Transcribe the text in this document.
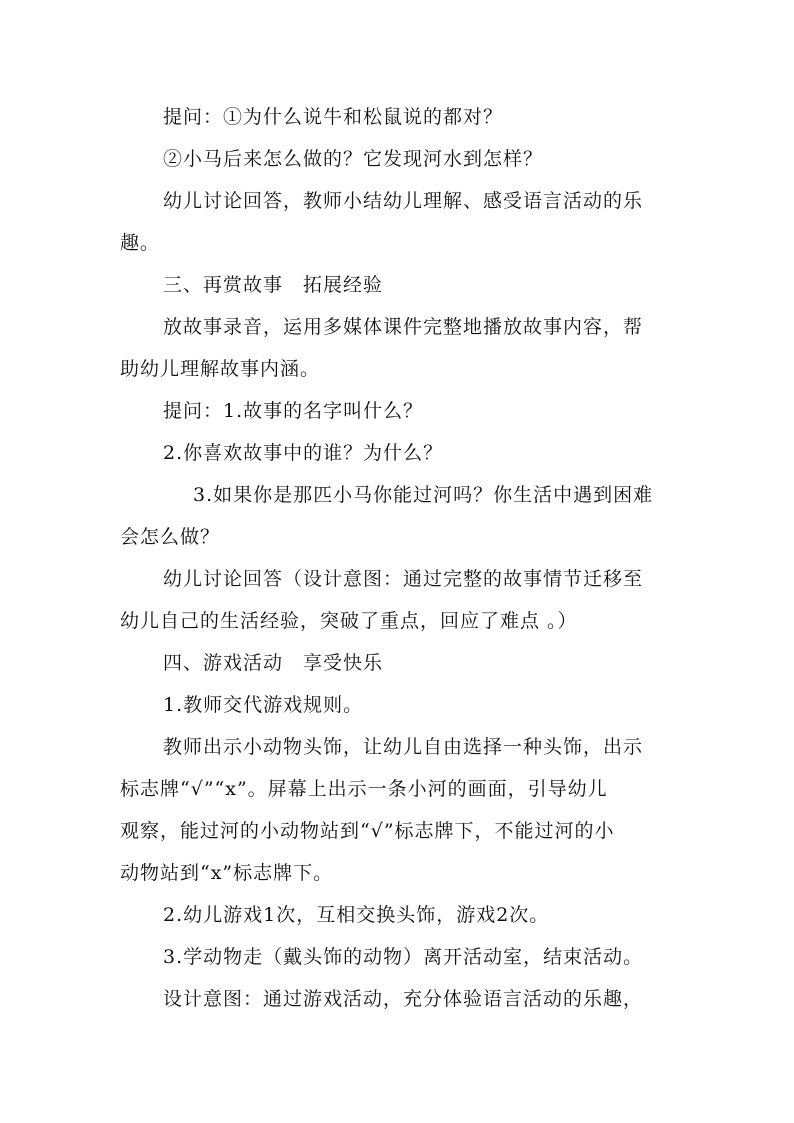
提问：①为什么说牛和松鼠说的都对？
②小马后来怎么做的？它发现河水到怎样？
幼儿讨论回答，教师小结幼儿理解、感受语言活动的乐
趣。
三、再赏故事　拓展经验
放故事录音，运用多媒体课件完整地播放故事内容，帮
助幼儿理解故事内涵。
提问：1.故事的名字叫什么？
2.你喜欢故事中的谁？为什么？
3.如果你是那匹小马你能过河吗？你生活中遇到困难
会怎么做？
幼儿讨论回答（设计意图：通过完整的故事情节迁移至
幼儿自己的生活经验，突破了重点，回应了难点 。）
四、游戏活动　享受快乐
1.教师交代游戏规则。
教师出示小动物头饰，让幼儿自由选择一种头饰，出示
标志牌“√”“x”。屏幕上出示一条小河的画面，引导幼儿
观察，能过河的小动物站到“√”标志牌下，不能过河的小
动物站到“x”标志牌下。
2.幼儿游戏1次，互相交换头饰，游戏2次。
3.学动物走（戴头饰的动物）离开活动室，结束活动。
设计意图：通过游戏活动，充分体验语言活动的乐趣，
